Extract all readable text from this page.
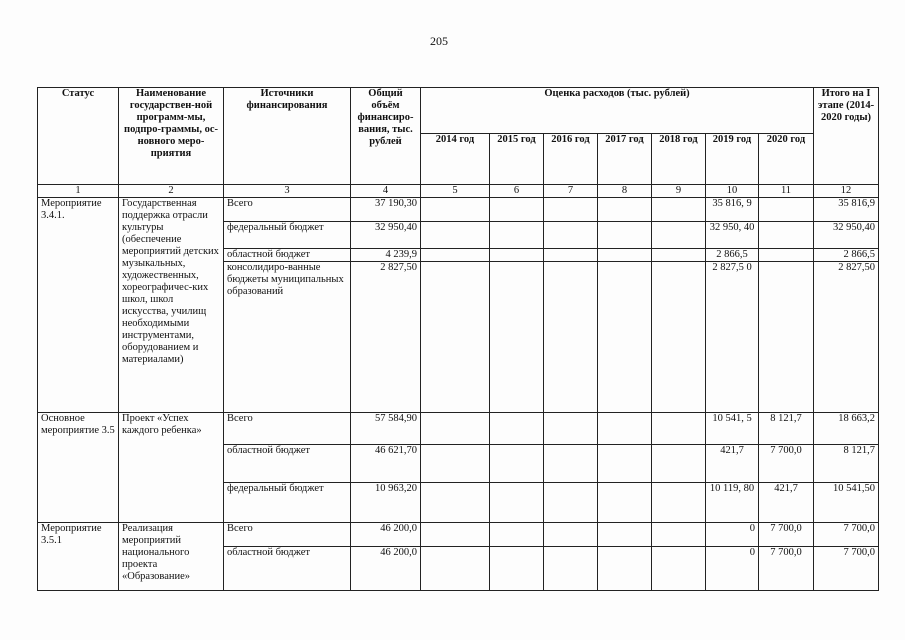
205
Статус	Наименование государствен-ной программ-мы, подпро-граммы, ос-новного меро-приятия	Источники финансирования	Общий объём финансиро-вания, тыс. рублей	Оценка расходов (тыс. рублей)							Итого на I этапе (2014-2020 годы)
				2014 год	2015 год	2016 год	2017 год	2018 год	2019 год	2020 год	
1	2	3	4	5	6	7	8	9	10	11	12
Мероприятие 3.4.1.	Государственная поддержка отрасли культуры (обеспечение мероприятий детских музыкальных, художественных, хореографичес-ких школ, школ искусства, училищ необходимыми инструментами, оборудованием и материалами)	Всего	37 190,30						35 816, 9		35 816,9
		федеральный бюджет	32 950,40						32 950, 40		32 950,40
		областной бюджет	4 239,9						2 866,5		2 866,5
		консолидиро-ванные бюджеты муниципальных образований	2 827,50						2 827,5 0		2 827,50
Основное мероприятие 3.5	Проект «Успех каждого ребенка»	Всего	57 584,90						10 541, 5	8 121,7	18 663,2
		областной бюджет	46 621,70						421,7	7 700,0	8 121,7
		федеральный бюджет	10 963,20						10 119, 80	421,7	10 541,50
Мероприятие 3.5.1	Реализация мероприятий национального проекта «Образование»	Всего	46 200,0						0	7 700,0	7 700,0
		областной бюджет	46 200,0						0	7 700,0	7 700,0
